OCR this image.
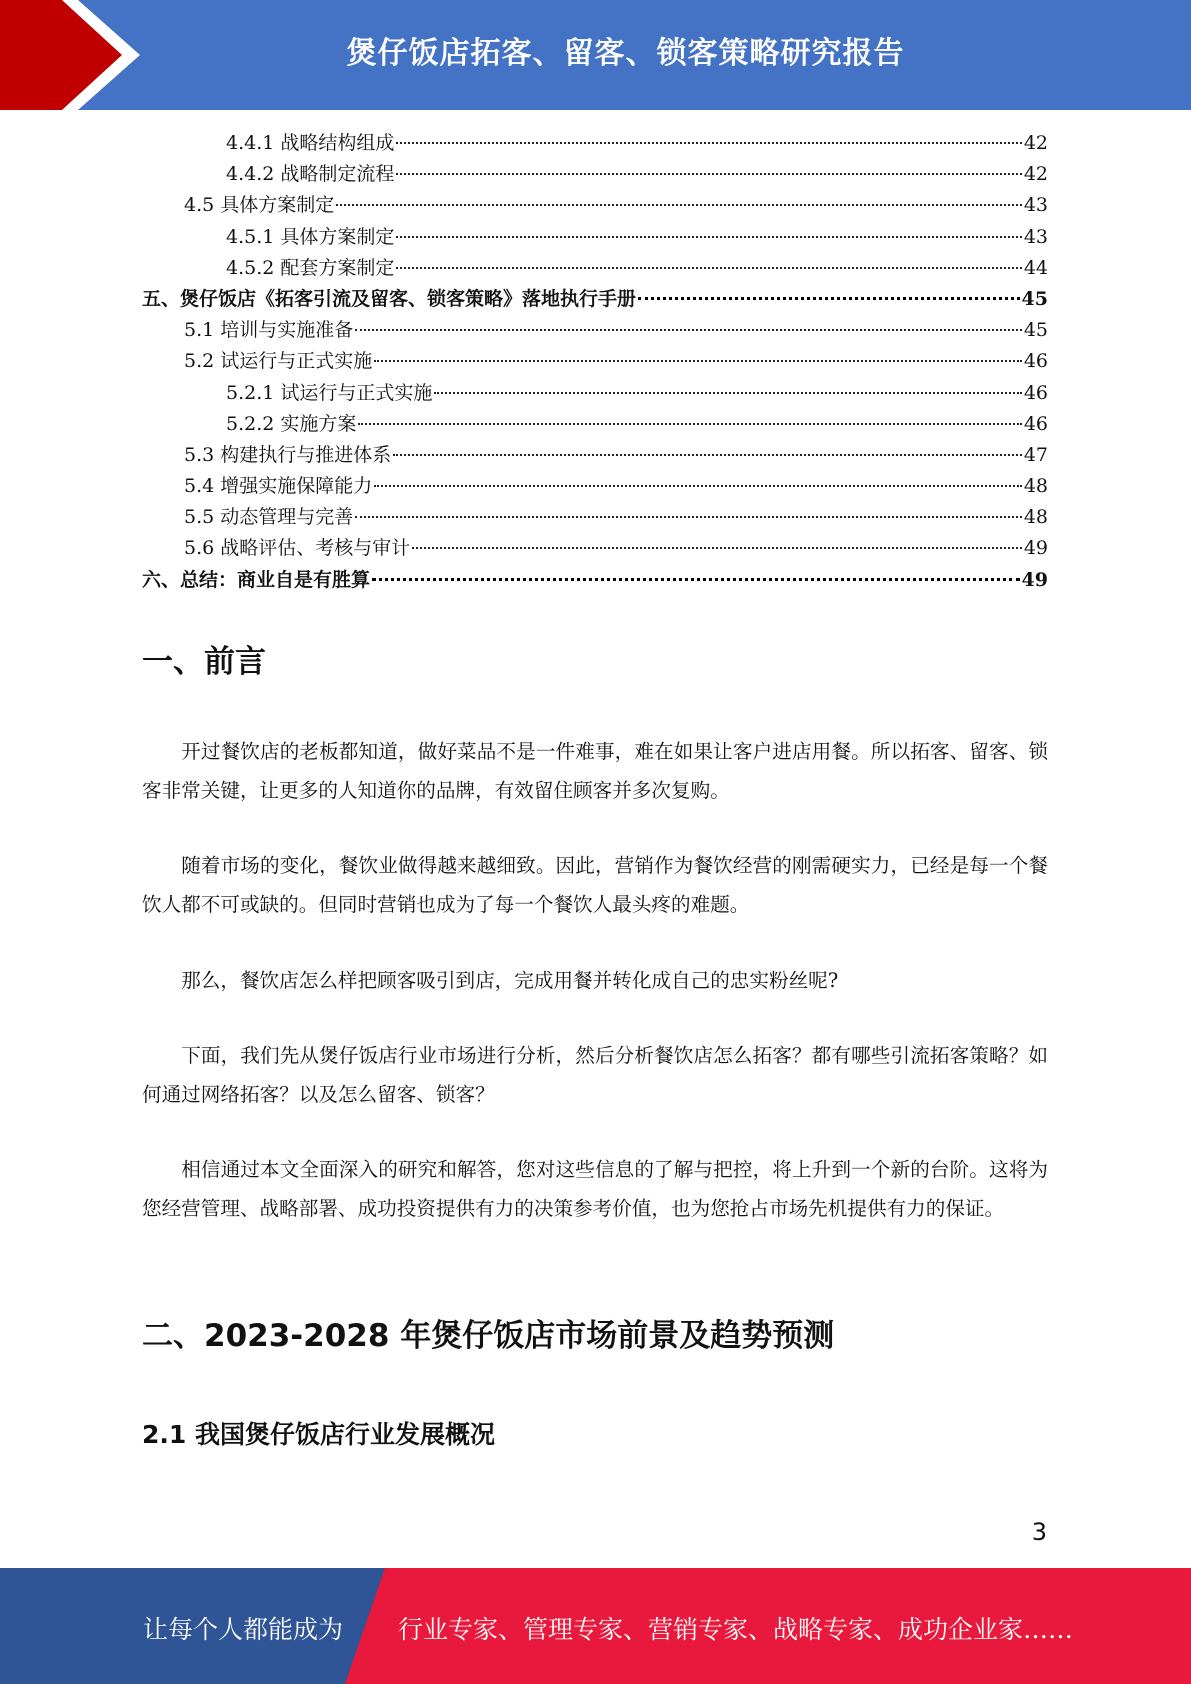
煲仔饭店拓客、留客、锁客策略研究报告
4.4.1 战略结构组成	42
4.4.2 战略制定流程	42
4.5 具体方案制定	43
4.5.1 具体方案制定	43
4.5.2 配套方案制定	44
五、煲仔饭店《拓客引流及留客、锁客策略》落地执行手册	45
5.1 培训与实施准备	45
5.2 试运行与正式实施	46
5.2.1 试运行与正式实施	46
5.2.2 实施方案	46
5.3 构建执行与推进体系	47
5.4 增强实施保障能力	48
5.5 动态管理与完善	48
5.6 战略评估、考核与审计	49
六、总结：商业自是有胜算	49
一、前言

开过餐饮店的老板都知道，做好菜品不是一件难事，难在如果让客户进店用餐。所以拓客、留客、锁客非常关键，让更多的人知道你的品牌，有效留住顾客并多次复购。

随着市场的变化，餐饮业做得越来越细致。因此，营销作为餐饮经营的刚需硬实力，已经是每一个餐饮人都不可或缺的。但同时营销也成为了每一个餐饮人最头疼的难题。

那么，餐饮店怎么样把顾客吸引到店，完成用餐并转化成自己的忠实粉丝呢?

下面，我们先从煲仔饭店行业市场进行分析，然后分析餐饮店怎么拓客？都有哪些引流拓客策略？如何通过网络拓客？以及怎么留客、锁客？

相信通过本文全面深入的研究和解答，您对这些信息的了解与把控，将上升到一个新的台阶。这将为您经营管理、战略部署、成功投资提供有力的决策参考价值，也为您抢占市场先机提供有力的保证。

二、2023-2028 年煲仔饭店市场前景及趋势预测
2.1 我国煲仔饭店行业发展概况
3
让每个人都能成为 行业专家、管理专家、营销专家、战略专家、成功企业家……
